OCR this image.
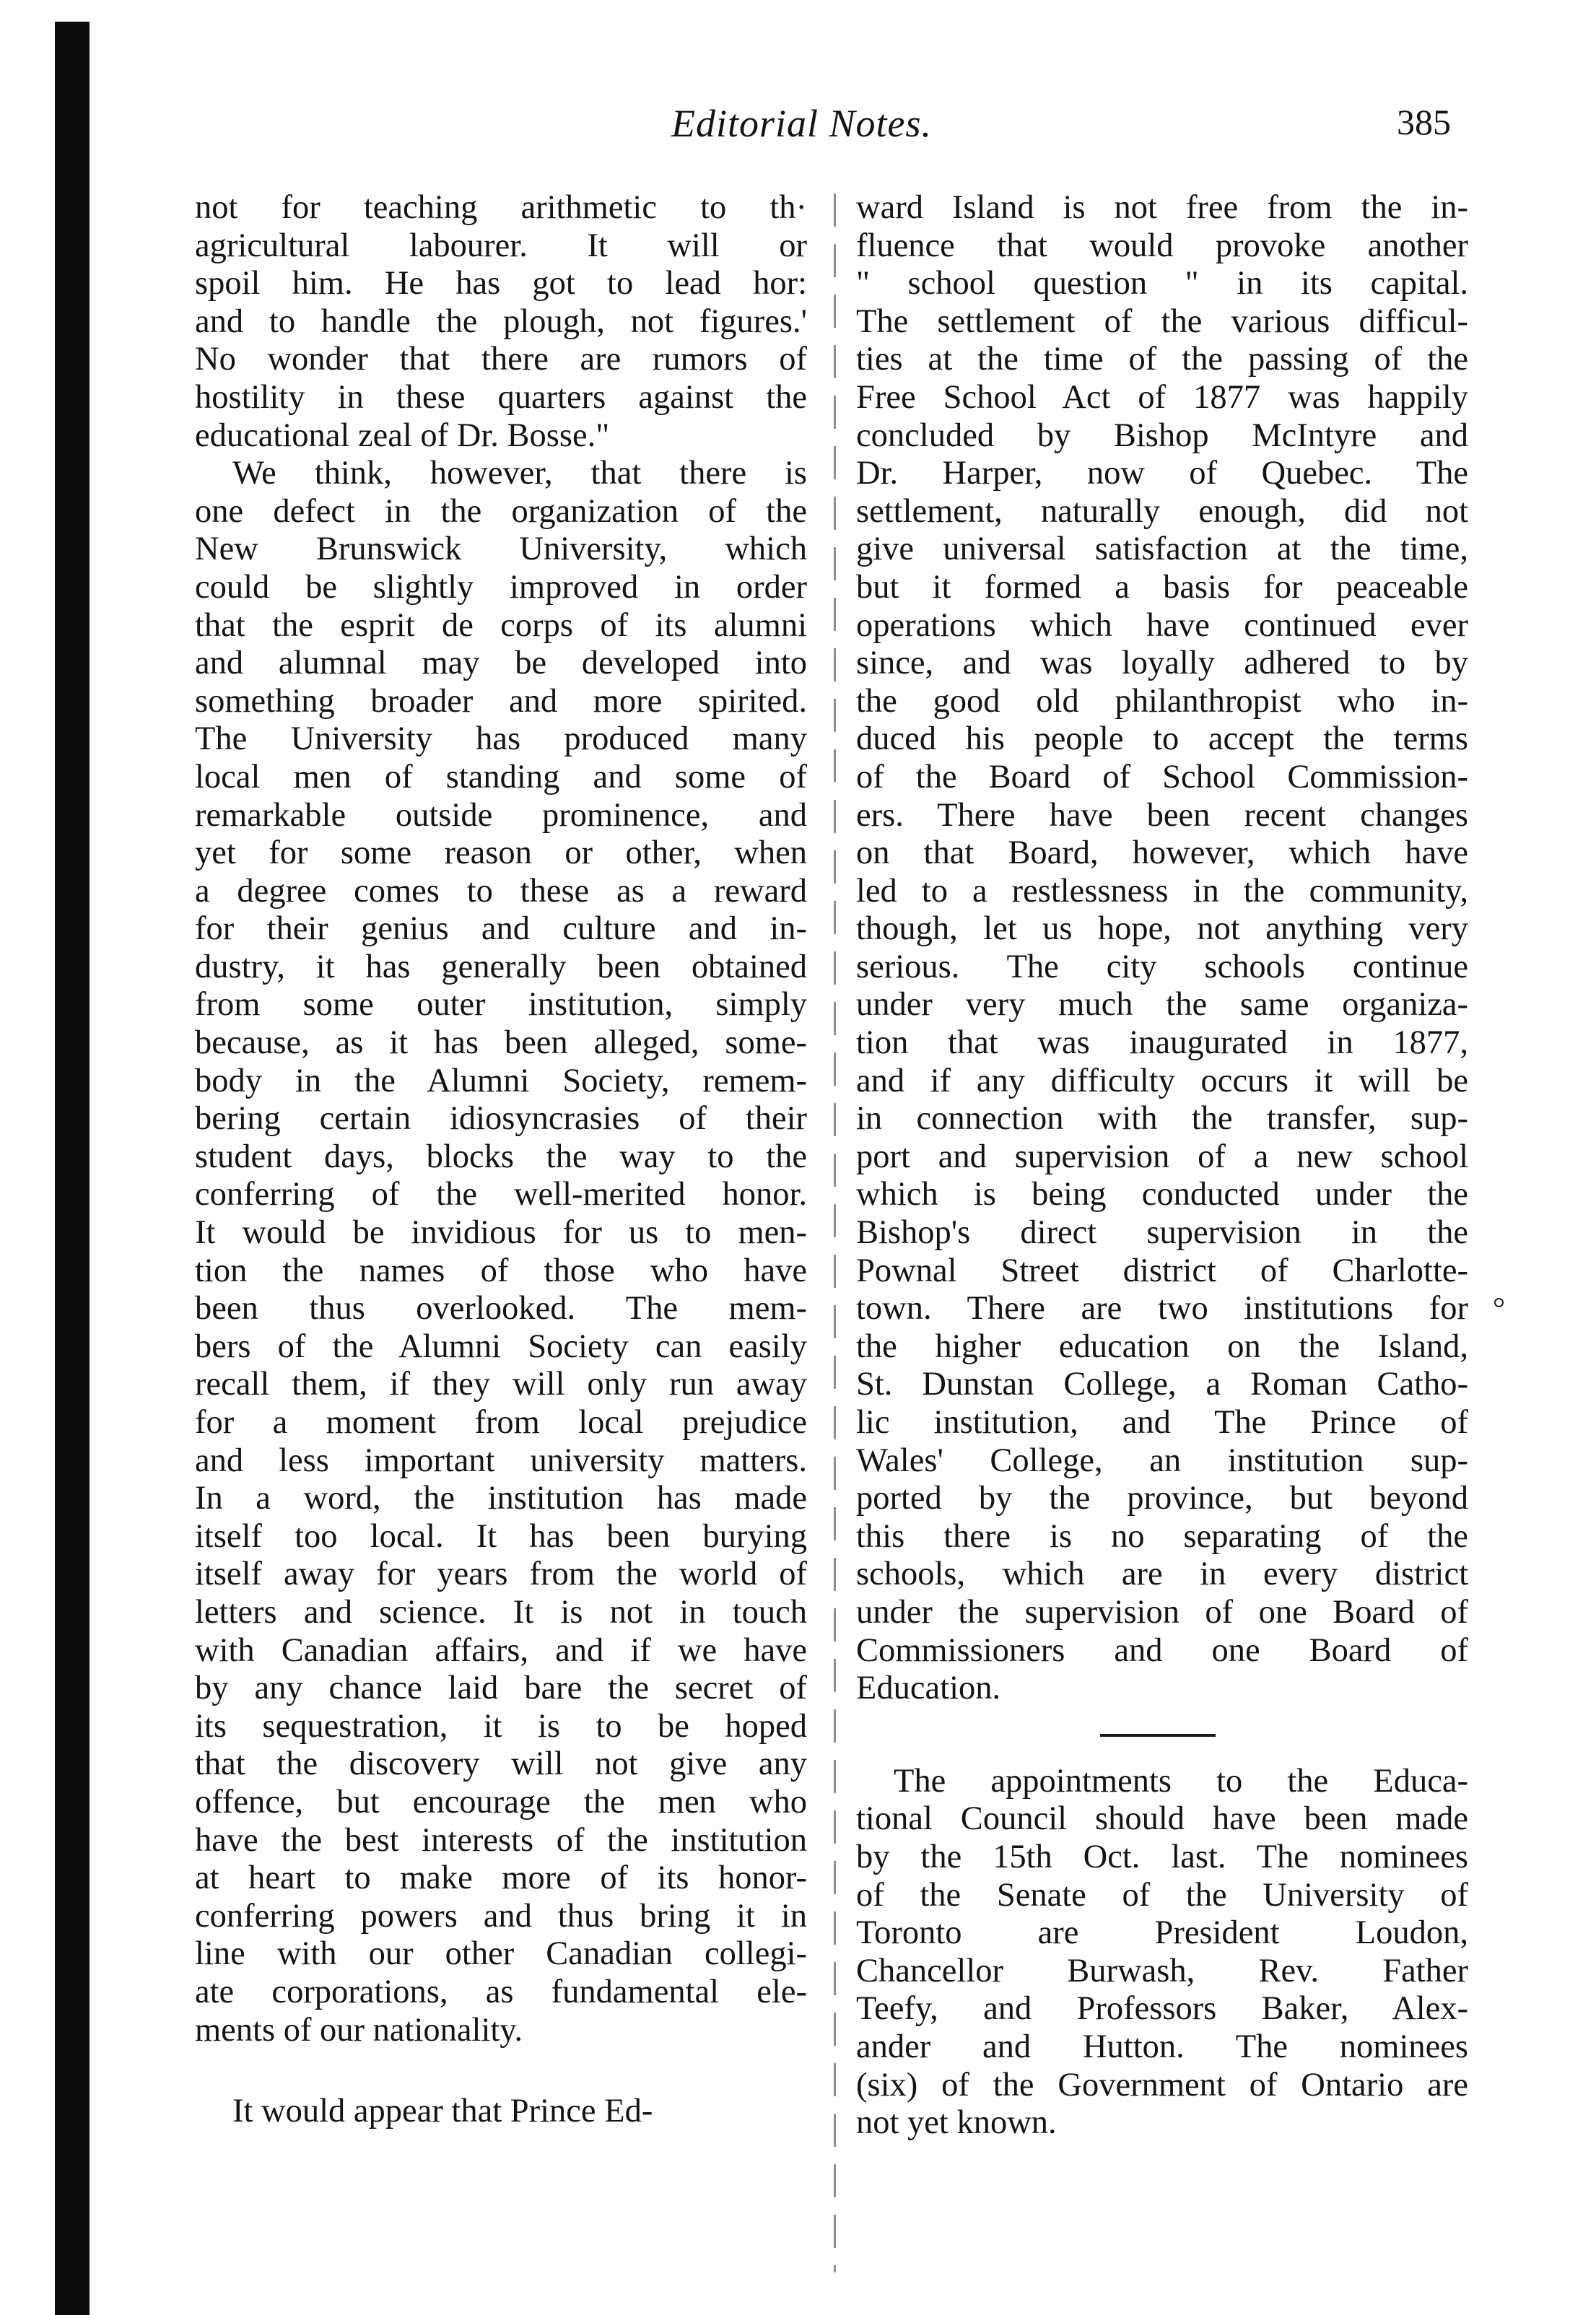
Editorial Notes.	385
not for teaching arithmetic to th·
agricultural labourer. It will or
spoil him. He has got to lead hor:
and to handle the plough, not figures.'
No wonder that there are rumors of
hostility in these quarters against the
educational zeal of Dr. Bosse."
We think, however, that there is
one defect in the organization of the
New Brunswick University, which
could be slightly improved in order
that the esprit de corps of its alumni
and alumnal may be developed into
something broader and more spirited.
The University has produced many
local men of standing and some of
remarkable outside prominence, and
yet for some reason or other, when
a degree comes to these as a reward
for their genius and culture and in-
dustry, it has generally been obtained
from some outer institution, simply
because, as it has been alleged, some-
body in the Alumni Society, remem-
bering certain idiosyncrasies of their
student days, blocks the way to the
conferring of the well-merited honor.
It would be invidious for us to men-
tion the names of those who have
been thus overlooked. The mem-
bers of the Alumni Society can easily
recall them, if they will only run away
for a moment from local prejudice
and less important university matters.
In a word, the institution has made
itself too local. It has been burying
itself away for years from the world of
letters and science. It is not in touch
with Canadian affairs, and if we have
by any chance laid bare the secret of
its sequestration, it is to be hoped
that the discovery will not give any
offence, but encourage the men who
have the best interests of the institution
at heart to make more of its honor-
conferring powers and thus bring it in
line with our other Canadian collegi-
ate corporations, as fundamental ele-
ments of our nationality.
It would appear that Prince Ed-
ward Island is not free from the in-
fluence that would provoke another
" school question " in its capital.
The settlement of the various difficul-
ties at the time of the passing of the
Free School Act of 1877 was happily
concluded by Bishop McIntyre and
Dr. Harper, now of Quebec. The
settlement, naturally enough, did not
give universal satisfaction at the time,
but it formed a basis for peaceable
operations which have continued ever
since, and was loyally adhered to by
the good old philanthropist who in-
duced his people to accept the terms
of the Board of School Commission-
ers. There have been recent changes
on that Board, however, which have
led to a restlessness in the community,
though, let us hope, not anything very
serious. The city schools continue
under very much the same organiza-
tion that was inaugurated in 1877,
and if any difficulty occurs it will be
in connection with the transfer, sup-
port and supervision of a new school
which is being conducted under the
Bishop's direct supervision in the
Pownal Street district of Charlotte-
town. There are two institutions for
the higher education on the Island,
St. Dunstan College, a Roman Catho-
lic institution, and The Prince of
Wales' College, an institution sup-
ported by the province, but beyond
this there is no separating of the
schools, which are in every district
under the supervision of one Board of
Commissioners and one Board of
Education.
The appointments to the Educa-
tional Council should have been made
by the 15th Oct. last. The nominees
of the Senate of the University of
Toronto are President Loudon,
Chancellor Burwash, Rev. Father
Teefy, and Professors Baker, Alex-
ander and Hutton. The nominees
(six) of the Government of Ontario are
not yet known.
